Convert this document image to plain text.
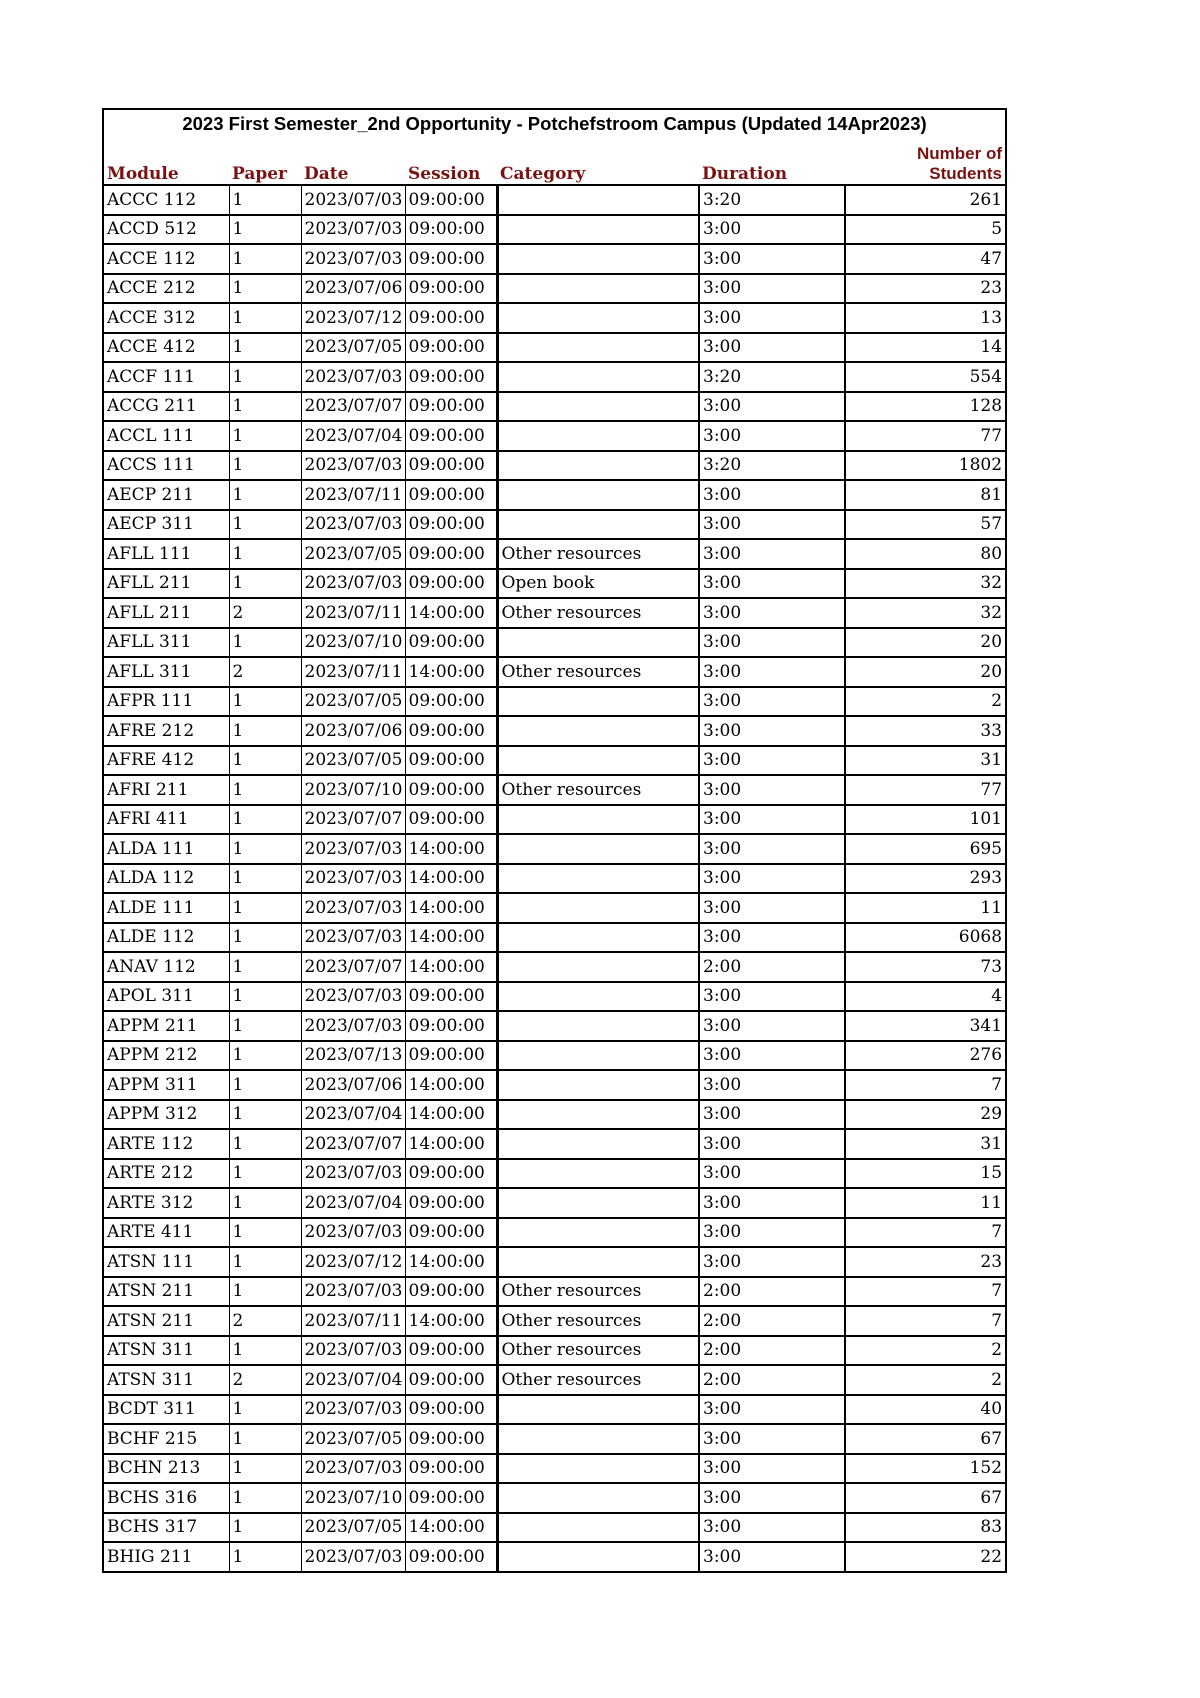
2023 First Semester_2nd Opportunity - Potchefstroom Campus (Updated 14Apr2023)						
Module	Paper	Date	Session	Category	Duration	Number of
Students
ACCC 112	1	2023/07/03	09:00:00		3:20	261
ACCD 512	1	2023/07/03	09:00:00		3:00	5
ACCE 112	1	2023/07/03	09:00:00		3:00	47
ACCE 212	1	2023/07/06	09:00:00		3:00	23
ACCE 312	1	2023/07/12	09:00:00		3:00	13
ACCE 412	1	2023/07/05	09:00:00		3:00	14
ACCF 111	1	2023/07/03	09:00:00		3:20	554
ACCG 211	1	2023/07/07	09:00:00		3:00	128
ACCL 111	1	2023/07/04	09:00:00		3:00	77
ACCS 111	1	2023/07/03	09:00:00		3:20	1802
AECP 211	1	2023/07/11	09:00:00		3:00	81
AECP 311	1	2023/07/03	09:00:00		3:00	57
AFLL 111	1	2023/07/05	09:00:00	Other resources	3:00	80
AFLL 211	1	2023/07/03	09:00:00	Open book	3:00	32
AFLL 211	2	2023/07/11	14:00:00	Other resources	3:00	32
AFLL 311	1	2023/07/10	09:00:00		3:00	20
AFLL 311	2	2023/07/11	14:00:00	Other resources	3:00	20
AFPR 111	1	2023/07/05	09:00:00		3:00	2
AFRE 212	1	2023/07/06	09:00:00		3:00	33
AFRE 412	1	2023/07/05	09:00:00		3:00	31
AFRI 211	1	2023/07/10	09:00:00	Other resources	3:00	77
AFRI 411	1	2023/07/07	09:00:00		3:00	101
ALDA 111	1	2023/07/03	14:00:00		3:00	695
ALDA 112	1	2023/07/03	14:00:00		3:00	293
ALDE 111	1	2023/07/03	14:00:00		3:00	11
ALDE 112	1	2023/07/03	14:00:00		3:00	6068
ANAV 112	1	2023/07/07	14:00:00		2:00	73
APOL 311	1	2023/07/03	09:00:00		3:00	4
APPM 211	1	2023/07/03	09:00:00		3:00	341
APPM 212	1	2023/07/13	09:00:00		3:00	276
APPM 311	1	2023/07/06	14:00:00		3:00	7
APPM 312	1	2023/07/04	14:00:00		3:00	29
ARTE 112	1	2023/07/07	14:00:00		3:00	31
ARTE 212	1	2023/07/03	09:00:00		3:00	15
ARTE 312	1	2023/07/04	09:00:00		3:00	11
ARTE 411	1	2023/07/03	09:00:00		3:00	7
ATSN 111	1	2023/07/12	14:00:00		3:00	23
ATSN 211	1	2023/07/03	09:00:00	Other resources	2:00	7
ATSN 211	2	2023/07/11	14:00:00	Other resources	2:00	7
ATSN 311	1	2023/07/03	09:00:00	Other resources	2:00	2
ATSN 311	2	2023/07/04	09:00:00	Other resources	2:00	2
BCDT 311	1	2023/07/03	09:00:00		3:00	40
BCHF 215	1	2023/07/05	09:00:00		3:00	67
BCHN 213	1	2023/07/03	09:00:00		3:00	152
BCHS 316	1	2023/07/10	09:00:00		3:00	67
BCHS 317	1	2023/07/05	14:00:00		3:00	83
BHIG 211	1	2023/07/03	09:00:00		3:00	22
